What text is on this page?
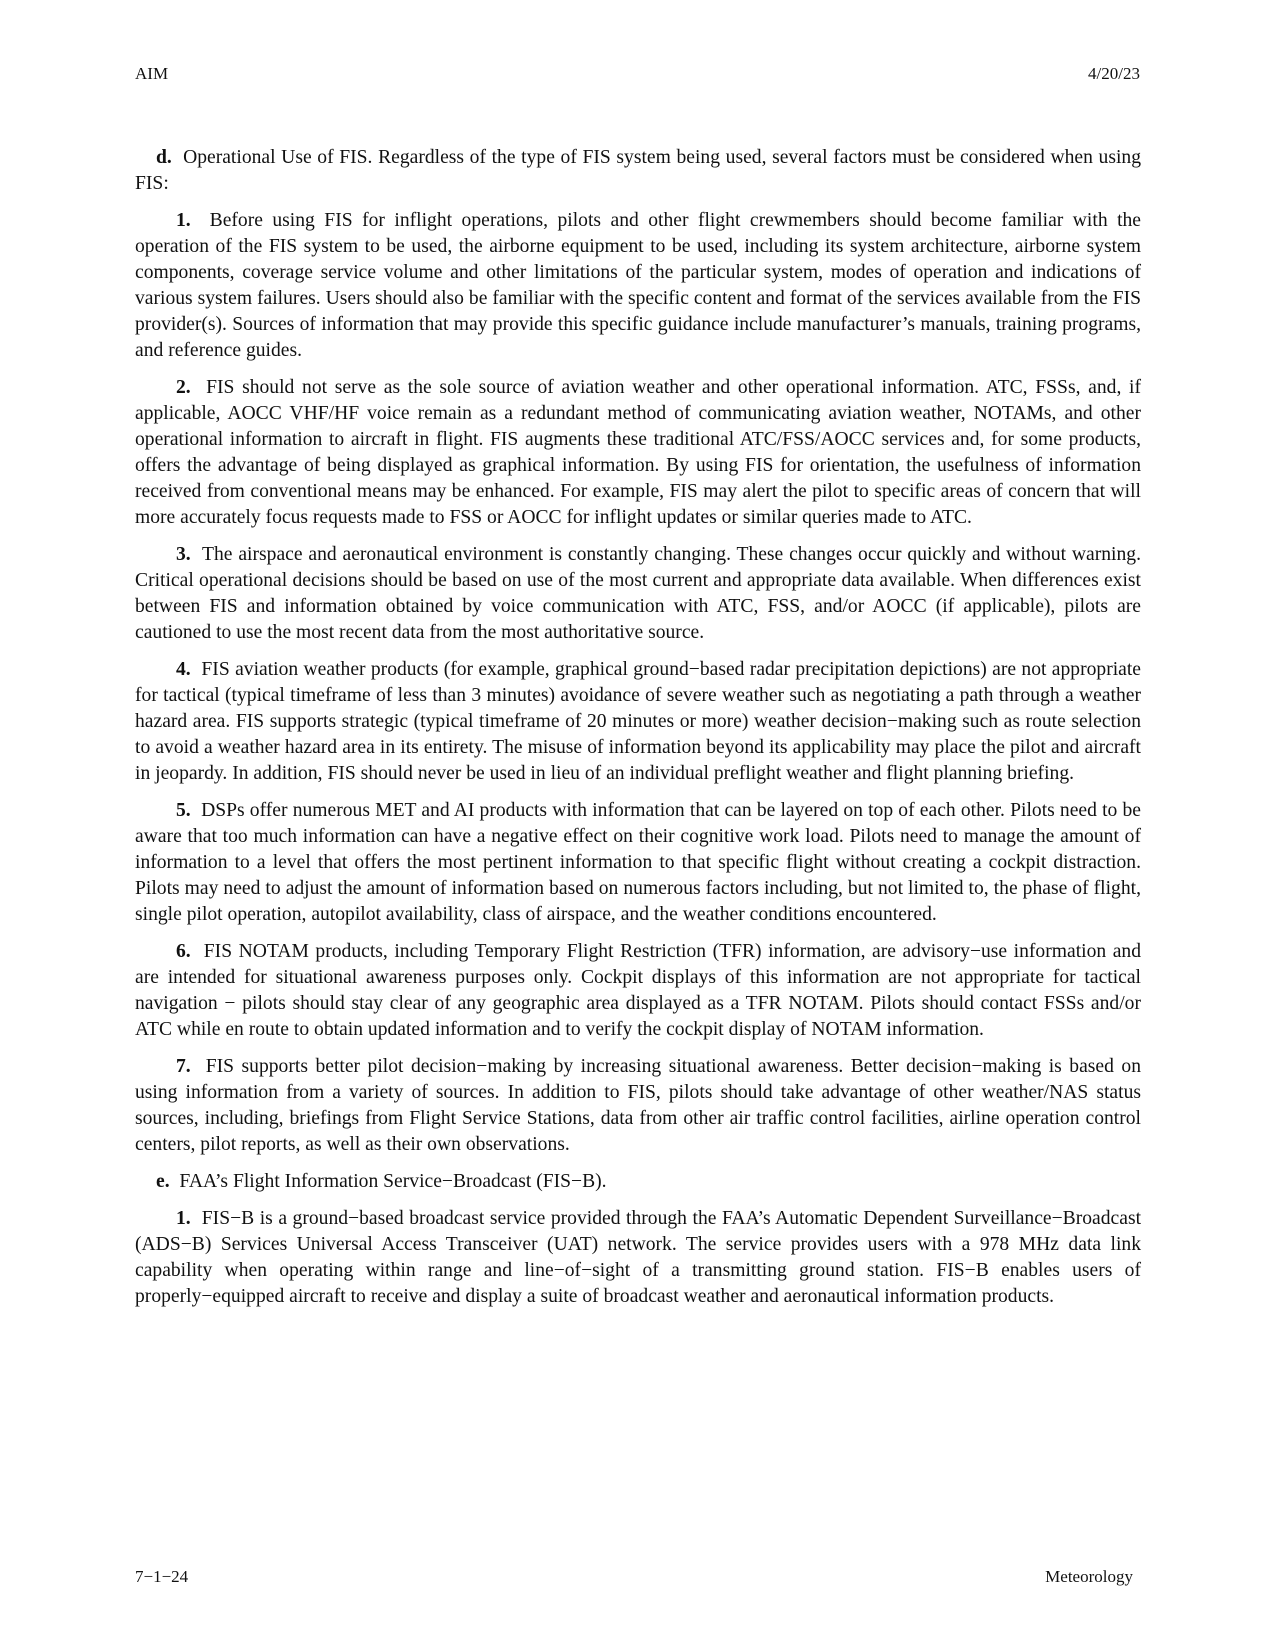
AIM	4/20/23

d. Operational Use of FIS. Regardless of the type of FIS system being used, several factors must be considered when using FIS:

1. Before using FIS for inflight operations, pilots and other flight crewmembers should become familiar with the operation of the FIS system to be used, the airborne equipment to be used, including its system architecture, airborne system components, coverage service volume and other limitations of the particular system, modes of operation and indications of various system failures. Users should also be familiar with the specific content and format of the services available from the FIS provider(s). Sources of information that may provide this specific guidance include manufacturer’s manuals, training programs, and reference guides.

2. FIS should not serve as the sole source of aviation weather and other operational information. ATC, FSSs, and, if applicable, AOCC VHF/HF voice remain as a redundant method of communicating aviation weather, NOTAMs, and other operational information to aircraft in flight. FIS augments these traditional ATC/FSS/AOCC services and, for some products, offers the advantage of being displayed as graphical information. By using FIS for orientation, the usefulness of information received from conventional means may be enhanced. For example, FIS may alert the pilot to specific areas of concern that will more accurately focus requests made to FSS or AOCC for inflight updates or similar queries made to ATC.

3. The airspace and aeronautical environment is constantly changing. These changes occur quickly and without warning. Critical operational decisions should be based on use of the most current and appropriate data available. When differences exist between FIS and information obtained by voice communication with ATC, FSS, and/or AOCC (if applicable), pilots are cautioned to use the most recent data from the most authoritative source.

4. FIS aviation weather products (for example, graphical ground−based radar precipitation depictions) are not appropriate for tactical (typical timeframe of less than 3 minutes) avoidance of severe weather such as negotiating a path through a weather hazard area. FIS supports strategic (typical timeframe of 20 minutes or more) weather decision−making such as route selection to avoid a weather hazard area in its entirety. The misuse of information beyond its applicability may place the pilot and aircraft in jeopardy. In addition, FIS should never be used in lieu of an individual preflight weather and flight planning briefing.

5. DSPs offer numerous MET and AI products with information that can be layered on top of each other. Pilots need to be aware that too much information can have a negative effect on their cognitive work load. Pilots need to manage the amount of information to a level that offers the most pertinent information to that specific flight without creating a cockpit distraction. Pilots may need to adjust the amount of information based on numerous factors including, but not limited to, the phase of flight, single pilot operation, autopilot availability, class of airspace, and the weather conditions encountered.

6. FIS NOTAM products, including Temporary Flight Restriction (TFR) information, are advisory−use information and are intended for situational awareness purposes only. Cockpit displays of this information are not appropriate for tactical navigation − pilots should stay clear of any geographic area displayed as a TFR NOTAM. Pilots should contact FSSs and/or ATC while en route to obtain updated information and to verify the cockpit display of NOTAM information.

7. FIS supports better pilot decision−making by increasing situational awareness. Better decision−making is based on using information from a variety of sources. In addition to FIS, pilots should take advantage of other weather/NAS status sources, including, briefings from Flight Service Stations, data from other air traffic control facilities, airline operation control centers, pilot reports, as well as their own observations.

e. FAA’s Flight Information Service−Broadcast (FIS−B).

1. FIS−B is a ground−based broadcast service provided through the FAA’s Automatic Dependent Surveillance−Broadcast (ADS−B) Services Universal Access Transceiver (UAT) network. The service provides users with a 978 MHz data link capability when operating within range and line−of−sight of a transmitting ground station. FIS−B enables users of properly−equipped aircraft to receive and display a suite of broadcast weather and aeronautical information products.

7−1−24	Meteorology
